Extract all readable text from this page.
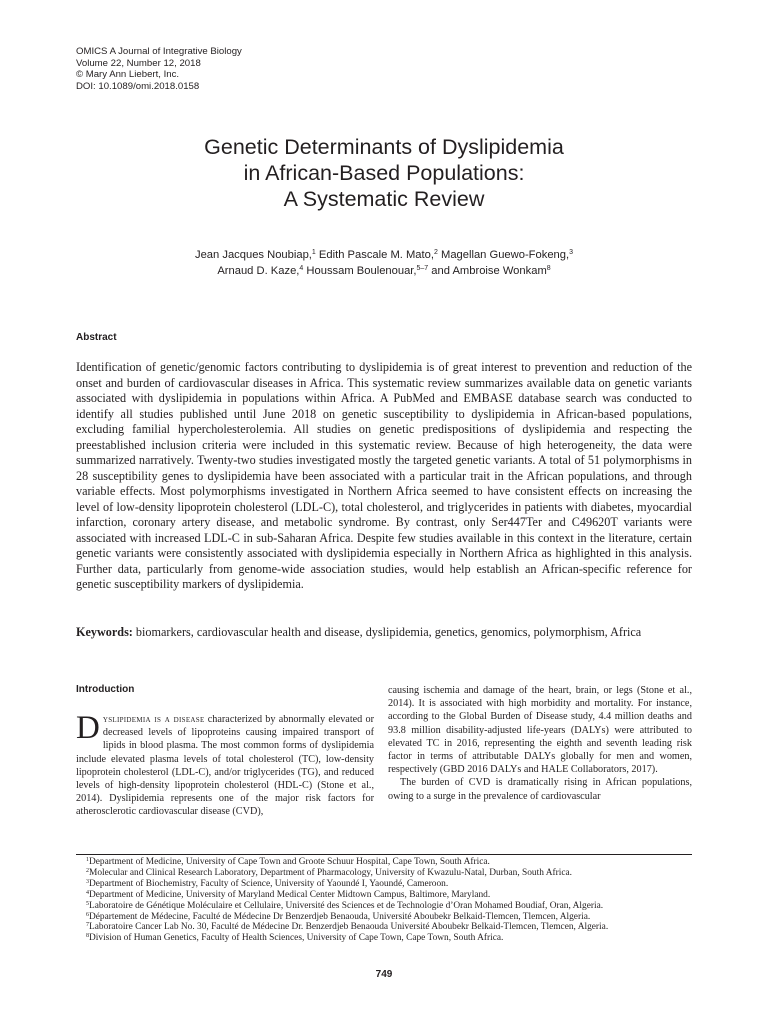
OMICS A Journal of Integrative Biology
Volume 22, Number 12, 2018
© Mary Ann Liebert, Inc.
DOI: 10.1089/omi.2018.0158
Genetic Determinants of Dyslipidemia
in African-Based Populations:
A Systematic Review
Jean Jacques Noubiap,$^1$ Edith Pascale M. Mato,$^2$ Magellan Guewo-Fokeng,$^3$
Arnaud D. Kaze,$^4$ Houssam Boulenouar,$^{5-7}$ and Ambroise Wonkam$^8$
Abstract

Identification of genetic/genomic factors contributing to dyslipidemia is of great interest to prevention and reduction of the onset and burden of cardiovascular diseases in Africa. This systematic review summarizes available data on genetic variants associated with dyslipidemia in populations within Africa. A PubMed and EMBASE database search was conducted to identify all studies published until June 2018 on genetic susceptibility to dyslipidemia in African-based populations, excluding familial hypercholesterolemia. All studies on genetic predispositions of dyslipidemia and respecting the preestablished inclusion criteria were included in this systematic review. Because of high heterogeneity, the data were summarized narratively. Twenty-two studies investigated mostly the targeted genetic variants. A total of 51 polymorphisms in 28 susceptibility genes to dyslipidemia have been associated with a particular trait in the African populations, and through variable effects. Most polymorphisms investigated in Northern Africa seemed to have consistent effects on increasing the level of low-density lipoprotein cholesterol (LDL-C), total cholesterol, and triglycerides in patients with diabetes, myocardial infarction, coronary artery disease, and metabolic syndrome. By contrast, only Ser447Ter and C49620T variants were associated with increased LDL-C in sub-Saharan Africa. Despite few studies available in this context in the literature, certain genetic variants were consistently associated with dyslipidemia especially in Northern Africa as highlighted in this analysis. Further data, particularly from genome-wide association studies, would help establish an African-specific reference for genetic susceptibility markers of dyslipidemia.

Keywords: biomarkers, cardiovascular health and disease, dyslipidemia, genetics, genomics, polymorphism, Africa

Introduction

Dyslipidemia is a disease characterized by abnormally elevated or decreased levels of lipoproteins causing impaired transport of lipids in blood plasma. The most common forms of dyslipidemia include elevated plasma levels of total cholesterol (TC), low-density lipoprotein cholesterol (LDL-C), and/or triglycerides (TG), and reduced levels of high-density lipoprotein cholesterol (HDL-C) (Stone et al., 2014). Dyslipidemia represents one of the major risk factors for atherosclerotic cardiovascular disease (CVD),

causing ischemia and damage of the heart, brain, or legs (Stone et al., 2014). It is associated with high morbidity and mortality. For instance, according to the Global Burden of Disease study, 4.4 million deaths and 93.8 million disability-adjusted life-years (DALYs) were attributed to elevated TC in 2016, representing the eighth and seventh leading risk factor in terms of attributable DALYs globally for men and women, respectively (GBD 2016 DALYs and HALE Collaborators, 2017).

The burden of CVD is dramatically rising in African populations, owing to a surge in the prevalence of cardiovascular

$^1$Department of Medicine, University of Cape Town and Groote Schuur Hospital, Cape Town, South Africa.
$^2$Molecular and Clinical Research Laboratory, Department of Pharmacology, University of Kwazulu-Natal, Durban, South Africa.
$^3$Department of Biochemistry, Faculty of Science, University of Yaoundé I, Yaoundé, Cameroon.
$^4$Department of Medicine, University of Maryland Medical Center Midtown Campus, Baltimore, Maryland.
$^5$Laboratoire de Génétique Moléculaire et Cellulaire, Université des Sciences et de Technologie d’Oran Mohamed Boudiaf, Oran, Algeria.
$^6$Département de Médecine, Faculté de Médecine Dr Benzerdjeb Benaouda, Université Aboubekr Belkaid-Tlemcen, Tlemcen, Algeria.
$^7$Laboratoire Cancer Lab No. 30, Faculté de Médecine Dr. Benzerdjeb Benaouda Université Aboubekr Belkaid-Tlemcen, Tlemcen, Algeria.
$^8$Division of Human Genetics, Faculty of Health Sciences, University of Cape Town, Cape Town, South Africa.
749
